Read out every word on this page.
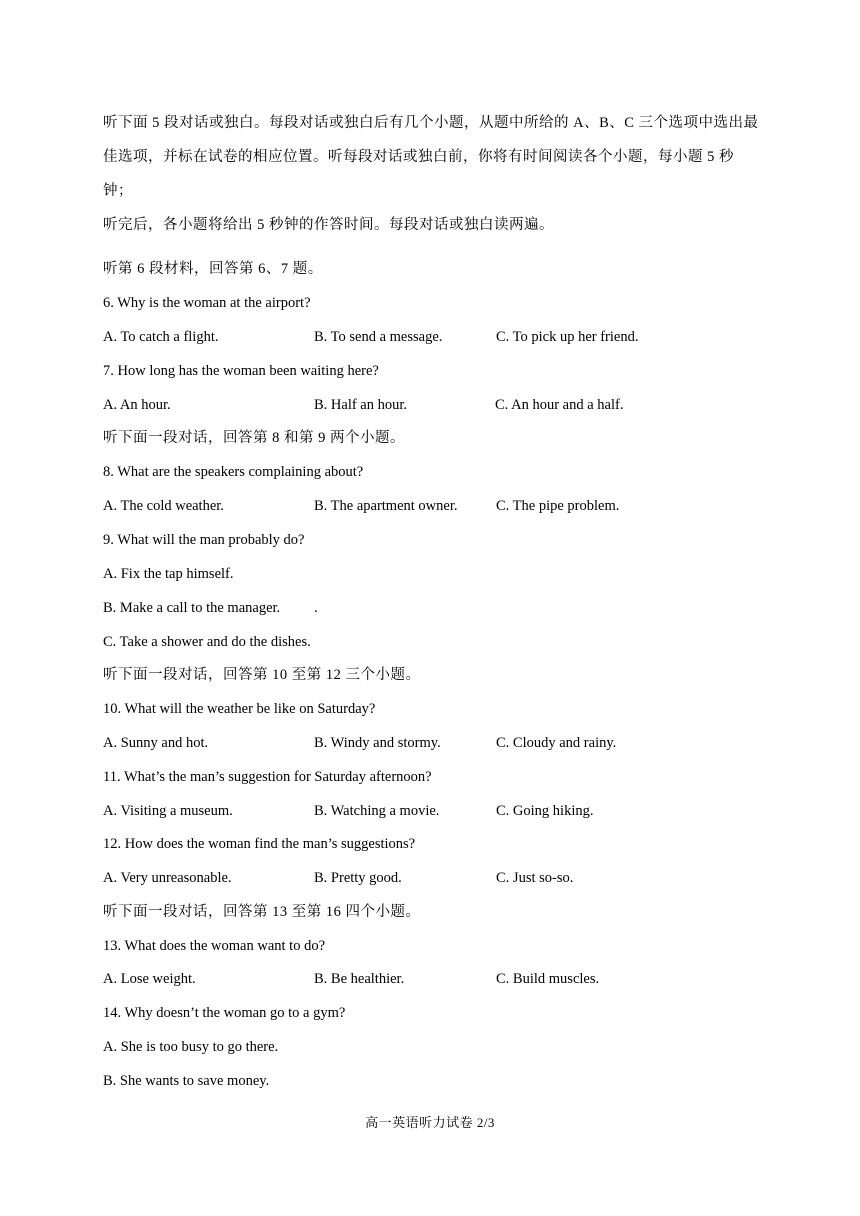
听下面 5 段对话或独白。每段对话或独白后有几个小题，从题中所给的 A、B、C 三个选项中选出最

佳选项，并标在试卷的相应位置。听每段对话或独白前，你将有时间阅读各个小题，每小题 5 秒钟；

听完后，各小题将给出 5 秒钟的作答时间。每段对话或独白读两遍。

听第 6 段材料，回答第 6、7 题。
6. Why is the woman at the airport?
A. To catch a flight.	B. To send a message.	C. To pick up her friend.
7. How long has the woman been waiting here?
A. An hour.	B. Half an hour.	C. An hour and a half.
听下面一段对话，回答第 8 和第 9 两个小题。
8. What are the speakers complaining about?
A. The cold weather.	B. The apartment owner.	C. The pipe problem.
9. What will the man probably do?
A. Fix the tap himself.
B. Make a call to the manager. .
C. Take a shower and do the dishes.
听下面一段对话，回答第 10 至第 12 三个小题。
10. What will the weather be like on Saturday?
A. Sunny and hot.	B. Windy and stormy.	C. Cloudy and rainy.
11. What’s the man’s suggestion for Saturday afternoon?
A. Visiting a museum.	B. Watching a movie.	C. Going hiking.
12. How does the woman find the man’s suggestions?
A. Very unreasonable.	B. Pretty good.	C. Just so-so.
听下面一段对话，回答第 13 至第 16 四个小题。
13. What does the woman want to do?
A. Lose weight.	B. Be healthier.	C. Build muscles.
14. Why doesn’t the woman go to a gym?
A. She is too busy to go there.
B. She wants to save money.
高一英语听力试卷 2/3
